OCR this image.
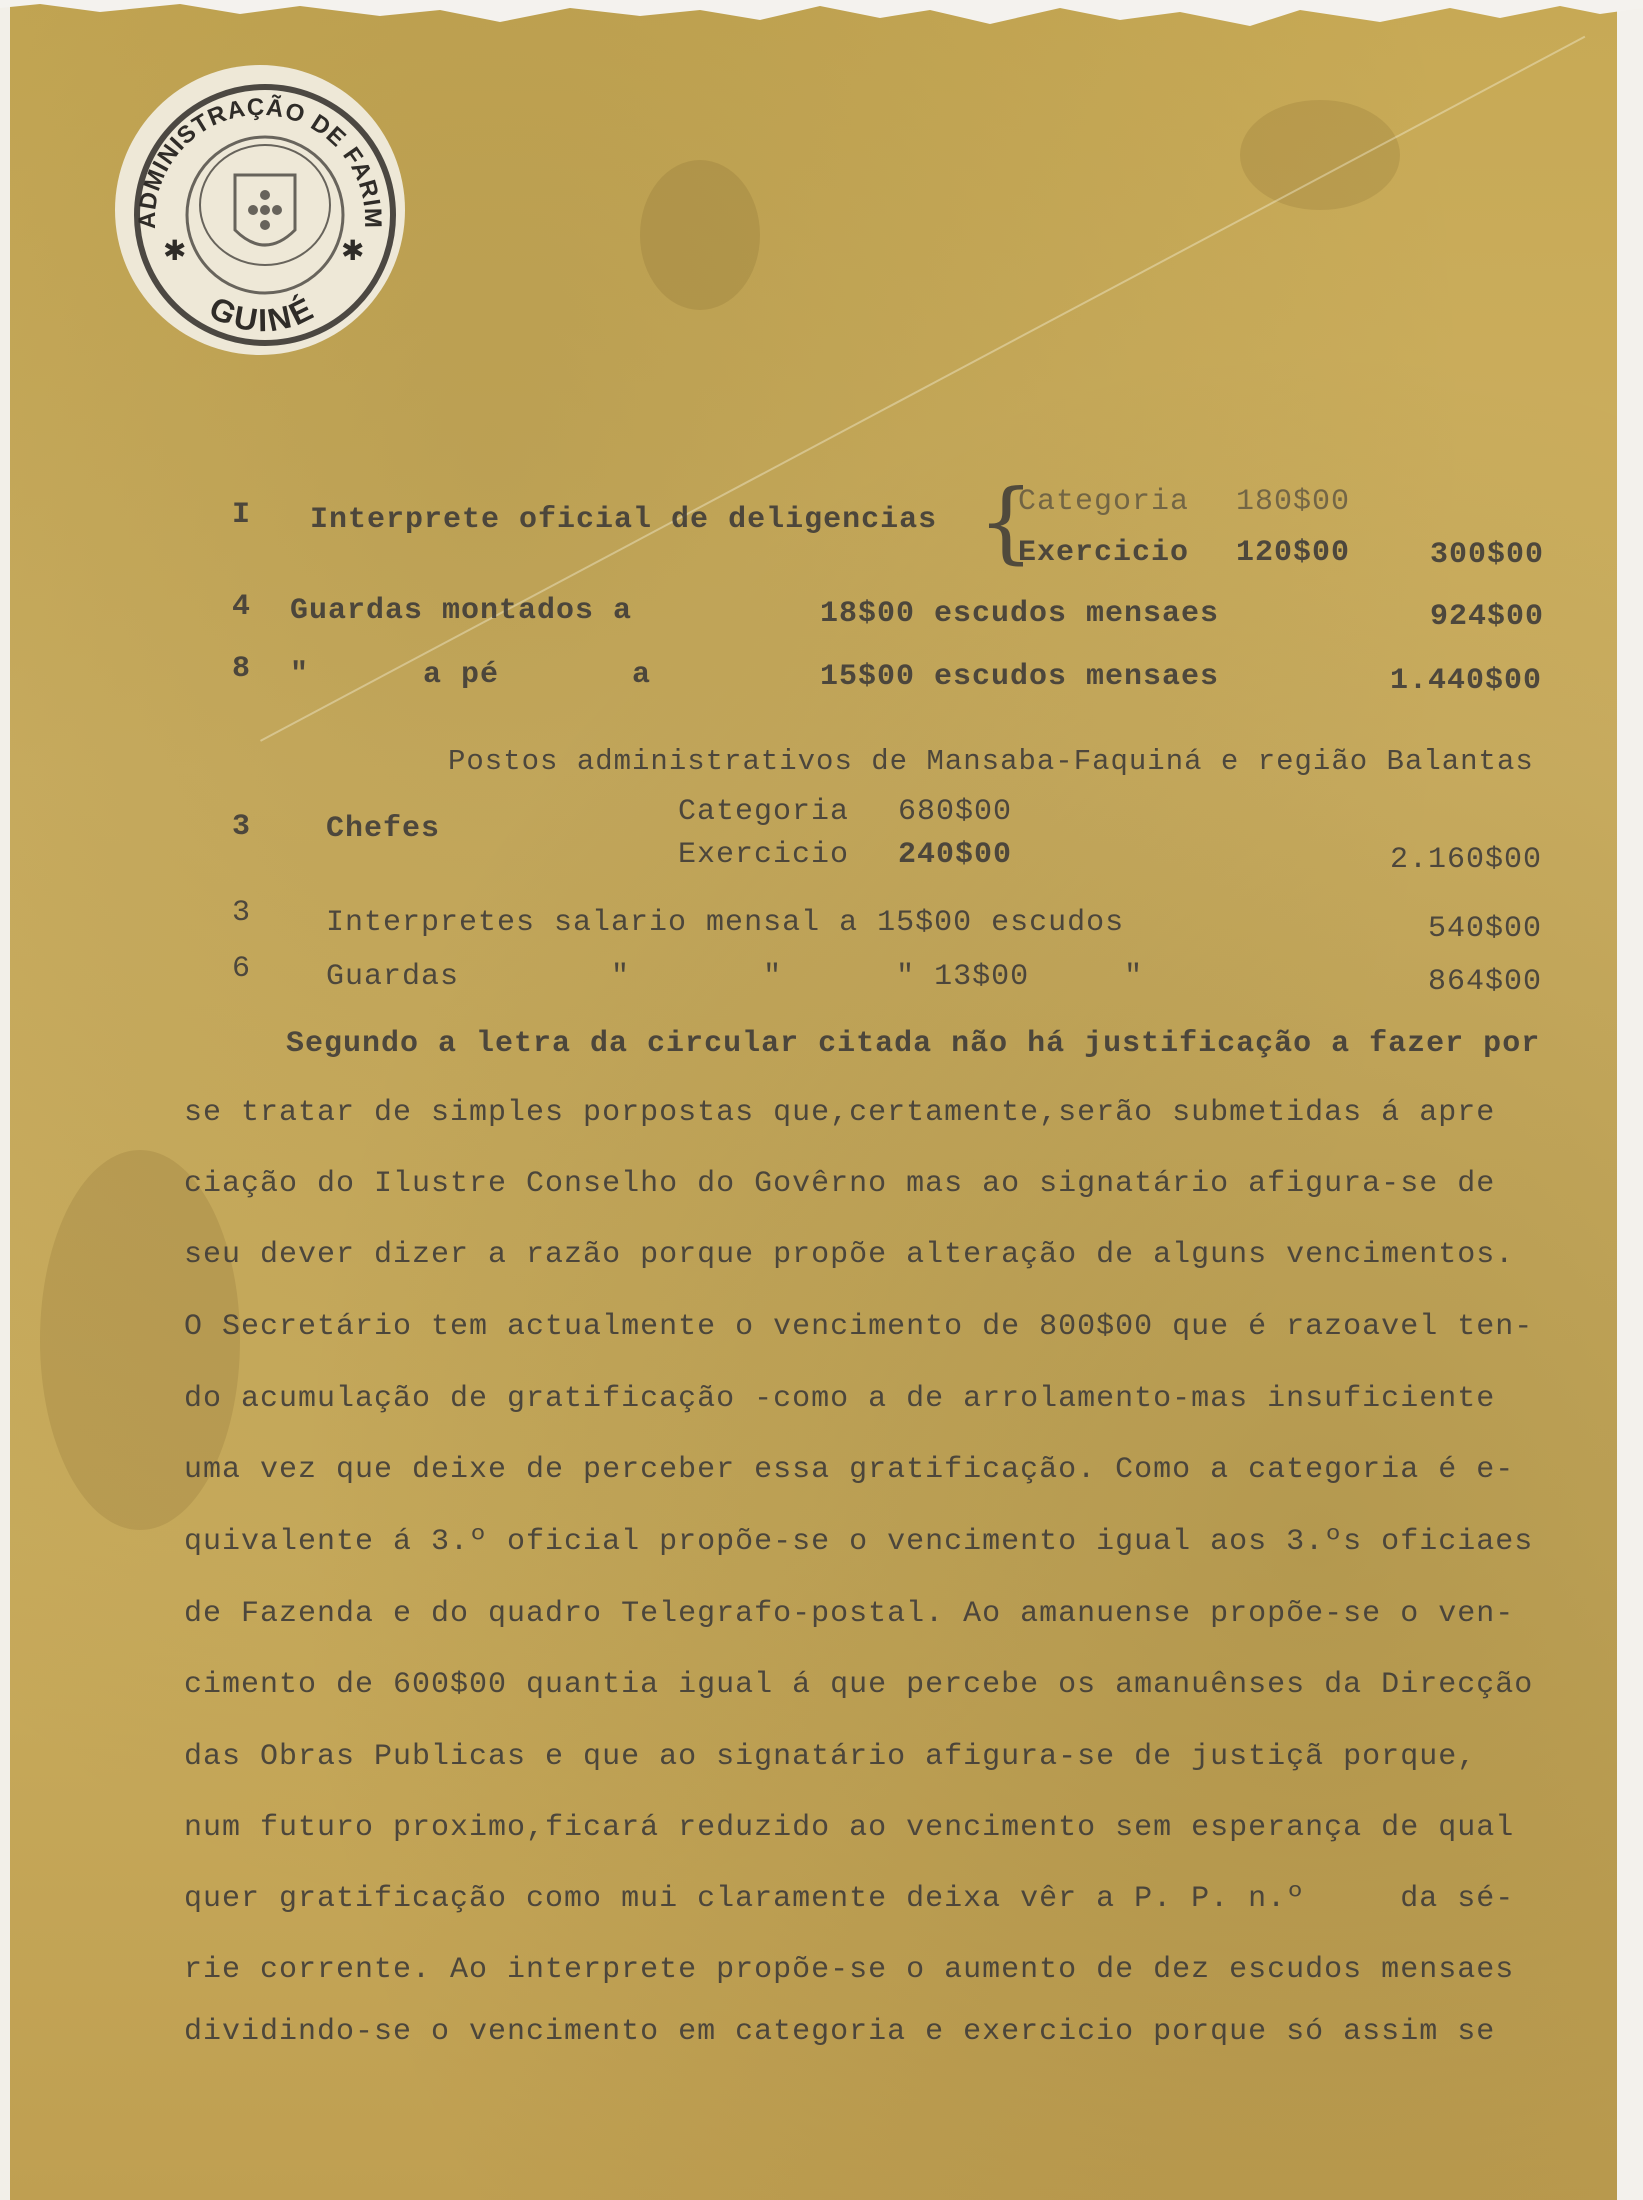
✱	✱
ADMINISTRAÇÃO DE FARIM
GUINÉ
I Interprete oficial de deligencias {
Categoria 180$00
Exercicio 120$00	300$00
4 Guardas montados a	18$00 escudos mensaes	924$00
8 "      a pé       a	15$00 escudos mensaes	1.440$00
Postos administrativos de Mansaba-Faquiná e região Balantas
3 Chefes	Categoria 680$00
Exercicio 240$00	2.160$00
3 Interpretes salario mensal a 15$00 escudos	540$00
6 Guardas        "       "      " 13$00     "	864$00
Segundo a letra da circular citada não há justificação a fazer por
se tratar de simples porpostas que,certamente,serão submetidas á apre
ciação do Ilustre Conselho do Govêrno mas ao signatário afigura-se de
seu dever dizer a razão porque propõe alteração de alguns vencimentos.
O Secretário tem actualmente o vencimento de 800$00 que é razoavel ten-
do acumulação de gratificação -como a de arrolamento-mas insuficiente
uma vez que deixe de perceber essa gratificação. Como a categoria é e-
quivalente á 3.º oficial propõe-se o vencimento igual aos 3.ºs oficiaes
de Fazenda e do quadro Telegrafo-postal. Ao amanuense propõe-se o ven-
cimento de 600$00 quantia igual á que percebe os amanuênses da Direcção
das Obras Publicas e que ao signatário afigura-se de justiçã porque,
num futuro proximo,ficará reduzido ao vencimento sem esperança de qual
quer gratificação como mui claramente deixa vêr a P. P. n.º     da sé-
rie corrente. Ao interprete propõe-se o aumento de dez escudos mensaes
dividindo-se o vencimento em categoria e exercicio porque só assim se
